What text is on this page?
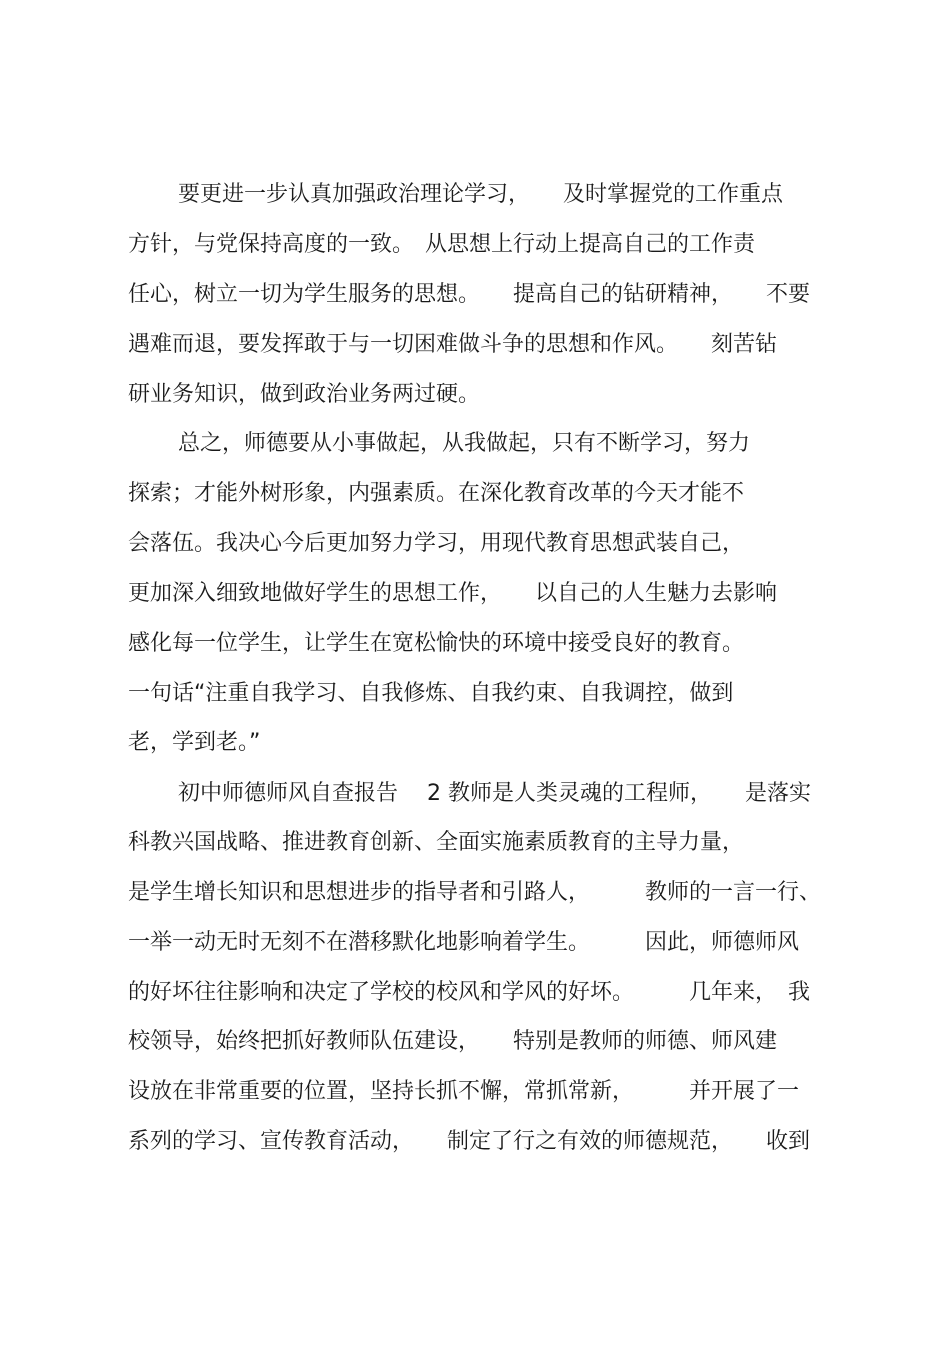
要更进一步认真加强政治理论学习，　　及时掌握党的工作重点
方针，与党保持高度的一致。　从思想上行动上提高自己的工作责
任心，树立一切为学生服务的思想。　　提高自己的钻研精神，　　不要
遇难而退，要发挥敢于与一切困难做斗争的思想和作风。　　刻苦钻
研业务知识，做到政治业务两过硬。
总之，师德要从小事做起，从我做起，只有不断学习，努力
探索；才能外树形象，内强素质。在深化教育改革的今天才能不
会落伍。我决心今后更加努力学习，用现代教育思想武装自己，
更加深入细致地做好学生的思想工作，　　以自己的人生魅力去影响
感化每一位学生，让学生在宽松愉快的环境中接受良好的教育。
一句话“注重自我学习、自我修炼、自我约束、自我调控，做到
老，学到老。”
初中师德师风自查报告　 2 教师是人类灵魂的工程师，　　是落实
科教兴国战略、推进教育创新、全面实施素质教育的主导力量，
是学生增长知识和思想进步的指导者和引路人，　　　教师的一言一行、
一举一动无时无刻不在潜移默化地影响着学生。　　　因此，师德师风
的好坏往往影响和决定了学校的校风和学风的好坏。　　　几年来，　我
校领导，始终把抓好教师队伍建设，　　特别是教师的师德、师风建
设放在非常重要的位置，坚持长抓不懈，常抓常新，　　　并开展了一
系列的学习、宣传教育活动，　　制定了行之有效的师德规范，　　收到
